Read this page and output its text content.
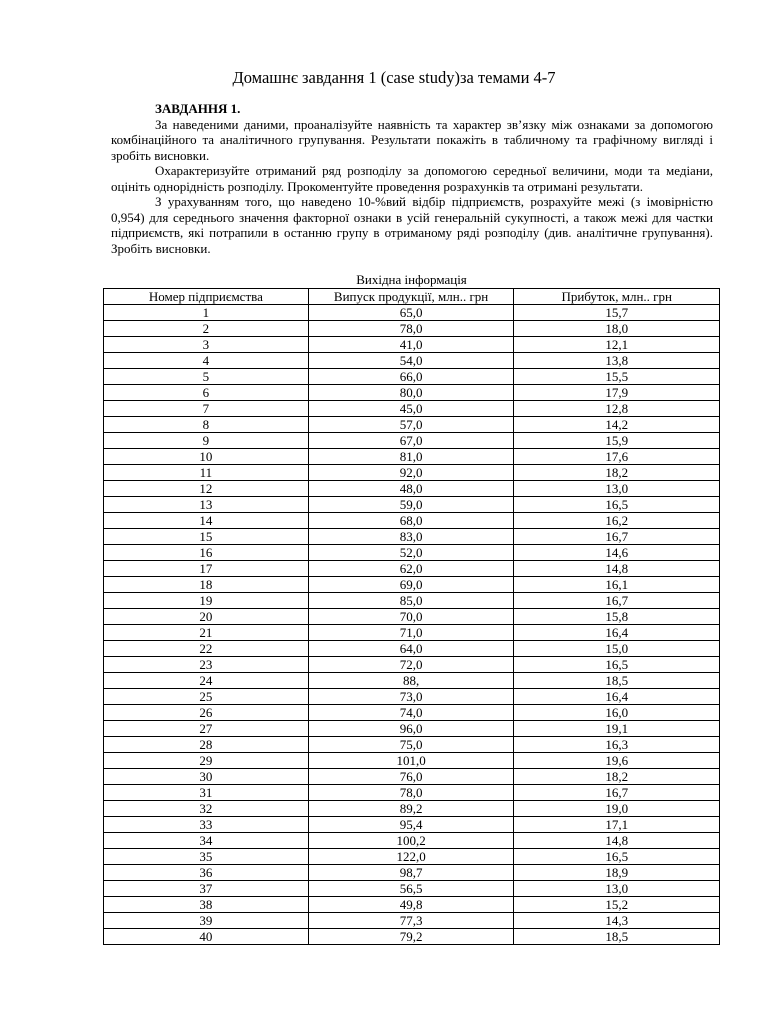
Домашнє завдання 1 (case study)за темами 4-7
ЗАВДАННЯ 1.

За наведеними даними, проаналізуйте наявність та характер зв’язку між ознаками за допомогою комбінаційного та аналітичного групування. Результати покажіть в табличному та графічному вигляді і зробіть висновки.

Охарактеризуйте отриманий ряд розподілу за допомогою середньої величини, моди та медіани, оцініть однорідність розподілу. Прокоментуйте проведення розрахунків та отримані результати.

З урахуванням того, що наведено 10-%вий відбір підприємств, розрахуйте межі (з імовірністю 0,954) для середнього значення факторної ознаки в усій генеральній сукупності, а також межі для частки підприємств, які потрапили в останню групу в отриманому ряді розподілу (див. аналітичне групування). Зробіть висновки.

Вихідна інформація
Номер підприємства	Випуск продукції, млн.. грн	Прибуток, млн.. грн
1	65,0	15,7
2	78,0	18,0
3	41,0	12,1
4	54,0	13,8
5	66,0	15,5
6	80,0	17,9
7	45,0	12,8
8	57,0	14,2
9	67,0	15,9
10	81,0	17,6
11	92,0	18,2
12	48,0	13,0
13	59,0	16,5
14	68,0	16,2
15	83,0	16,7
16	52,0	14,6
17	62,0	14,8
18	69,0	16,1
19	85,0	16,7
20	70,0	15,8
21	71,0	16,4
22	64,0	15,0
23	72,0	16,5
24	88,	18,5
25	73,0	16,4
26	74,0	16,0
27	96,0	19,1
28	75,0	16,3
29	101,0	19,6
30	76,0	18,2
31	78,0	16,7
32	89,2	19,0
33	95,4	17,1
34	100,2	14,8
35	122,0	16,5
36	98,7	18,9
37	56,5	13,0
38	49,8	15,2
39	77,3	14,3
40	79,2	18,5
